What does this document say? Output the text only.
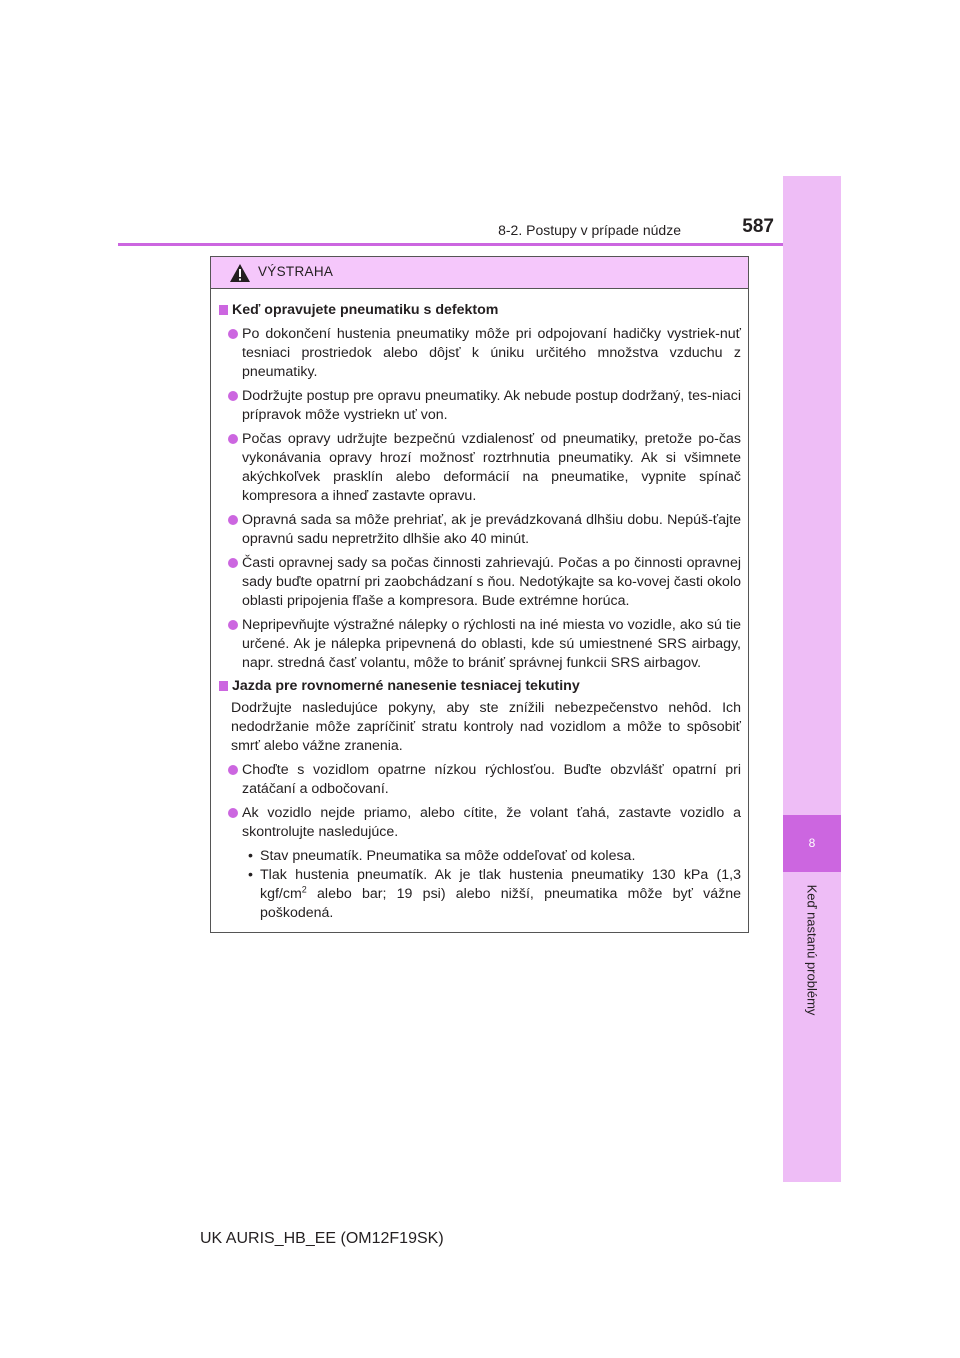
8
Keď nastanú problémy
8-2. Postupy v prípade núdze	587
VÝSTRAHA

Keď opravujete pneumatiku s defektom

Po dokončení hustenia pneumatiky môže pri odpojovaní hadičky vystriek-nuť tesniaci prostriedok alebo dôjsť k úniku určitého množstva vzduchu z pneumatiky.

Dodržujte postup pre opravu pneumatiky. Ak nebude postup dodržaný, tes-niaci prípravok môže vystriekn uť von.

Počas opravy udržujte bezpečnú vzdialenosť od pneumatiky, pretože po-čas vykonávania opravy hrozí možnosť roztrhnutia pneumatiky. Ak si všimnete akýchkoľvek prasklín alebo deformácií na pneumatike, vypnite spínač kompresora a ihneď zastavte opravu.

Opravná sada sa môže prehriať, ak je prevádzkovaná dlhšiu dobu. Nepúš-ťajte opravnú sadu nepretržito dlhšie ako 40 minút.

Časti opravnej sady sa počas činnosti zahrievajú. Počas a po činnosti opravnej sady buďte opatrní pri zaobchádzaní s ňou. Nedotýkajte sa ko-vovej časti okolo oblasti pripojenia fľaše a kompresora. Bude extrémne horúca.

Nepripevňujte výstražné nálepky o rýchlosti na iné miesta vo vozidle, ako sú tie určené. Ak je nálepka pripevnená do oblasti, kde sú umiestnené SRS airbagy, napr. stredná časť volantu, môže to brániť správnej funkcii SRS airbagov.

Jazda pre rovnomerné nanesenie tesniacej tekutiny

Dodržujte nasledujúce pokyny, aby ste znížili nebezpečenstvo nehôd. Ich nedodržanie môže zapríčiniť stratu kontroly nad vozidlom a môže to spôsobiť smrť alebo vážne zranenia.

Choďte s vozidlom opatrne nízkou rýchlosťou. Buďte obzvlášť opatrní pri zatáčaní a odbočovaní.

Ak vozidlo nejde priamo, alebo cítite, že volant ťahá, zastavte vozidlo a skontrolujte nasledujúce.

• Stav pneumatík. Pneumatika sa môže oddeľovať od kolesa.

• Tlak hustenia pneumatík. Ak je tlak hustenia pneumatiky 130 kPa (1,3 kgf/$cm^2$ alebo bar; 19 psi) alebo nižší, pneumatika môže byť vážne poškodená.

UK AURIS_HB_EE (OM12F19SK)
